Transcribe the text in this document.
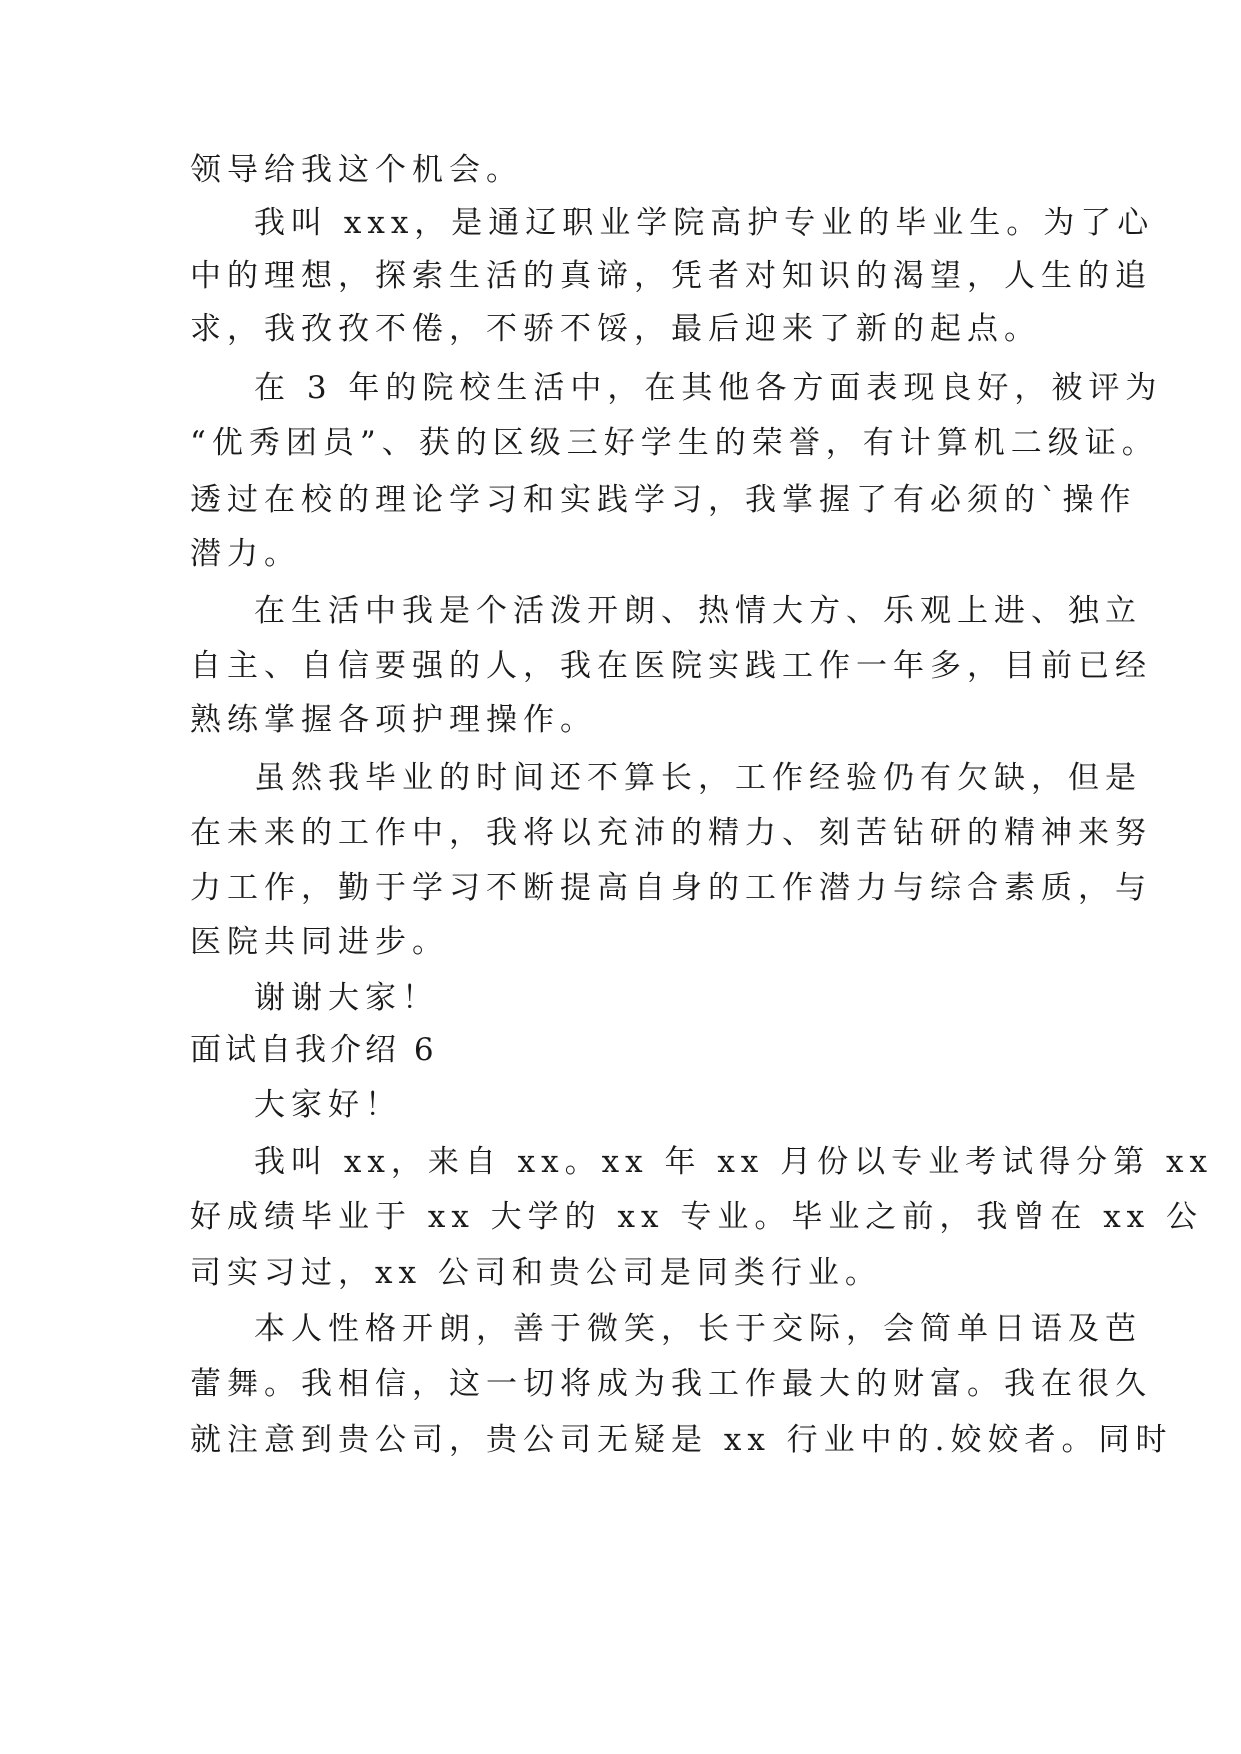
领导给我这个机会。
我叫 xxx，是通辽职业学院高护专业的毕业生。为了心
中的理想，探索生活的真谛，凭者对知识的渴望，人生的追
求，我孜孜不倦，不骄不馁，最后迎来了新的起点。
在 3 年的院校生活中，在其他各方面表现良好，被评为
“优秀团员”、获的区级三好学生的荣誉，有计算机二级证。
透过在校的理论学习和实践学习，我掌握了有必须的`操作
潜力。
在生活中我是个活泼开朗、热情大方、乐观上进、独立
自主、自信要强的人，我在医院实践工作一年多，目前已经
熟练掌握各项护理操作。
虽然我毕业的时间还不算长，工作经验仍有欠缺，但是
在未来的工作中，我将以充沛的精力、刻苦钻研的精神来努
力工作，勤于学习不断提高自身的工作潜力与综合素质，与
医院共同进步。
谢谢大家！
面试自我介绍 6
大家好！
我叫 xx，来自 xx。xx 年 xx 月份以专业考试得分第 xx
好成绩毕业于 xx 大学的 xx 专业。毕业之前，我曾在 xx 公
司实习过，xx 公司和贵公司是同类行业。
本人性格开朗，善于微笑，长于交际，会简单日语及芭
蕾舞。我相信，这一切将成为我工作最大的财富。我在很久
就注意到贵公司，贵公司无疑是 xx 行业中的.姣姣者。同时
